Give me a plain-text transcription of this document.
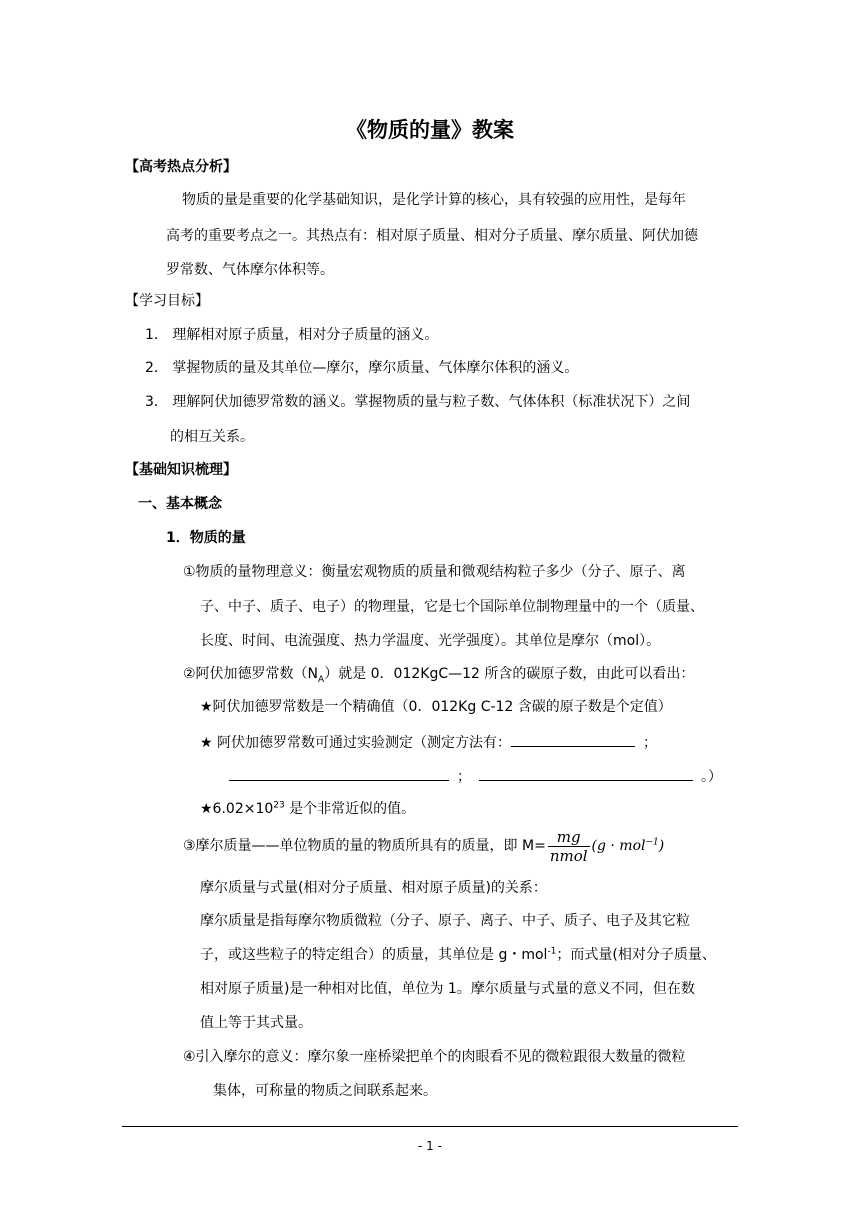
《物质的量》教案
【高考热点分析】
物质的量是重要的化学基础知识，是化学计算的核心，具有较强的应用性，是每年
高考的重要考点之一。其热点有：相对原子质量、相对分子质量、摩尔质量、阿伏加德
罗常数、气体摩尔体积等。
【学习目标】
1． 理解相对原子质量，相对分子质量的涵义。
2． 掌握物质的量及其单位—摩尔，摩尔质量、气体摩尔体积的涵义。
3． 理解阿伏加德罗常数的涵义。掌握物质的量与粒子数、气体体积（标准状况下）之间
的相互关系。
【基础知识梳理】
一、基本概念
1．物质的量
①物质的量物理意义：衡量宏观物质的质量和微观结构粒子多少（分子、原子、离
子、中子、质子、电子）的物理量，它是七个国际单位制物理量中的一个（质量、
长度、时间、电流强度、热力学温度、光学强度）。其单位是摩尔（mol）。
②阿伏加德罗常数$(N_A)$就是 0．012KgC—12 所含的碳原子数，由此可以看出：
★阿伏加德罗常数是一个精确值（0．012Kg C-12 含碳的原子数是个定值）
★ 阿伏加德罗常数可通过实验测定（测定方法有：	；
；	。）
$★6.02\times 10^{23}$ 是个非常近似的值。
③摩尔质量——单位物质的量的物质所具有的质量，即 $M= \frac{mg}{\text{nmol}} (g \cdot mol^{-1})$
摩尔质量与式量(相对分子质量、相对原子质量)的关系：
摩尔质量是指每摩尔物质微粒（分子、原子、离子、中子、质子、电子及其它粒
子，或这些粒子的特定组合）的质量，其单位是 g・mol$^{-1}$；而式量(相对分子质量、
相对原子质量)是一种相对比值，单位为 1。摩尔质量与式量的意义不同，但在数
值上等于其式量。
④引入摩尔的意义：摩尔象一座桥梁把单个的肉眼看不见的微粒跟很大数量的微粒
集体，可称量的物质之间联系起来。
- 1 -
